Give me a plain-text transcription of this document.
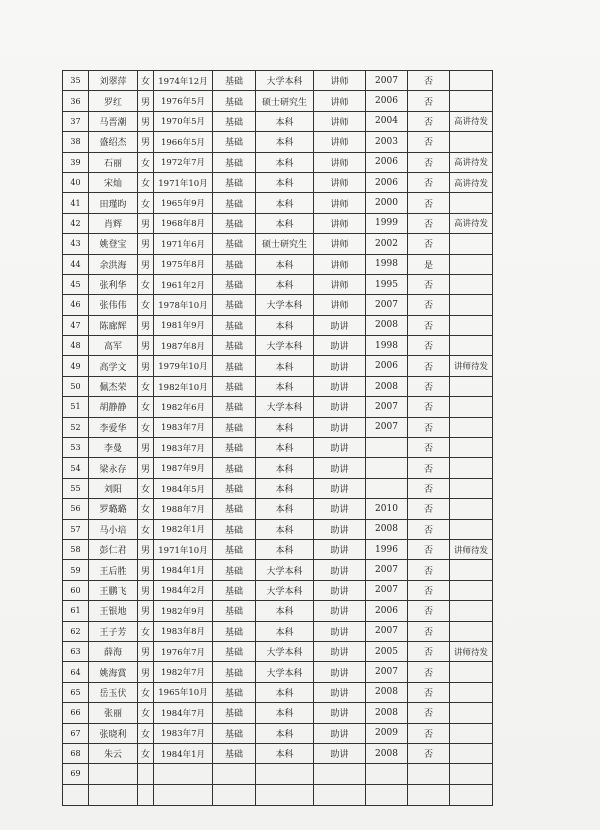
35	刘翠萍	女	1974年12月	基础	大学本科	讲师	2007	否	
36	罗红	男	1976年5月	基础	硕士研究生	讲师	2006	否	
37	马晋潮	男	1970年5月	基础	本科	讲师	2004	否	高讲待发
38	盛绍杰	男	1966年5月	基础	本科	讲师	2003	否	
39	石丽	女	1972年7月	基础	本科	讲师	2006	否	高讲待发
40	宋灿	女	1971年10月	基础	本科	讲师	2006	否	高讲待发
41	田瑾昀	女	1965年9月	基础	本科	讲师	2000	否	
42	肖辉	男	1968年8月	基础	本科	讲师	1999	否	高讲待发
43	姚登宝	男	1971年6月	基础	硕士研究生	讲师	2002	否	
44	余洪海	男	1975年8月	基础	本科	讲师	1998	是	
45	张利华	女	1961年2月	基础	本科	讲师	1995	否	
46	张伟伟	女	1978年10月	基础	大学本科	讲师	2007	否	
47	陈廊辉	男	1981年9月	基础	本科	助讲	2008	否	
48	高军	男	1987年8月	基础	大学本科	助讲	1998	否	
49	高学文	男	1979年10月	基础	本科	助讲	2006	否	讲师待发
50	佩杰荣	女	1982年10月	基础	本科	助讲	2008	否	
51	胡静静	女	1982年6月	基础	大学本科	助讲	2007	否	
52	李爱华	女	1983年7月	基础	本科	助讲	2007	否	
53	李曼	男	1983年7月	基础	本科	助讲		否	
54	梁永存	男	1987年9月	基础	本科	助讲		否	
55	刘阳	女	1984年5月	基础	本科	助讲		否	
56	罗璐璐	女	1988年7月	基础	本科	助讲	2010	否	
57	马小培	女	1982年1月	基础	本科	助讲	2008	否	
58	彭仁君	男	1971年10月	基础	本科	助讲	1996	否	讲师待发
59	王后胜	男	1984年1月	基础	大学本科	助讲	2007	否	
60	王鹏飞	男	1984年2月	基础	大学本科	助讲	2007	否	
61	王银地	男	1982年9月	基础	本科	助讲	2006	否	
62	王子芳	女	1983年8月	基础	本科	助讲	2007	否	
63	薛海	男	1976年7月	基础	大学本科	助讲	2005	否	讲师待发
64	姚海賞	男	1982年7月	基础	大学本科	助讲	2007	否	
65	岳玉伏	女	1965年10月	基础	本科	助讲	2008	否	
66	张丽	女	1984年7月	基础	本科	助讲	2008	否	
67	张晓利	女	1983年7月	基础	本科	助讲	2009	否	
68	朱云	女	1984年1月	基础	本科	助讲	2008	否	
69									
